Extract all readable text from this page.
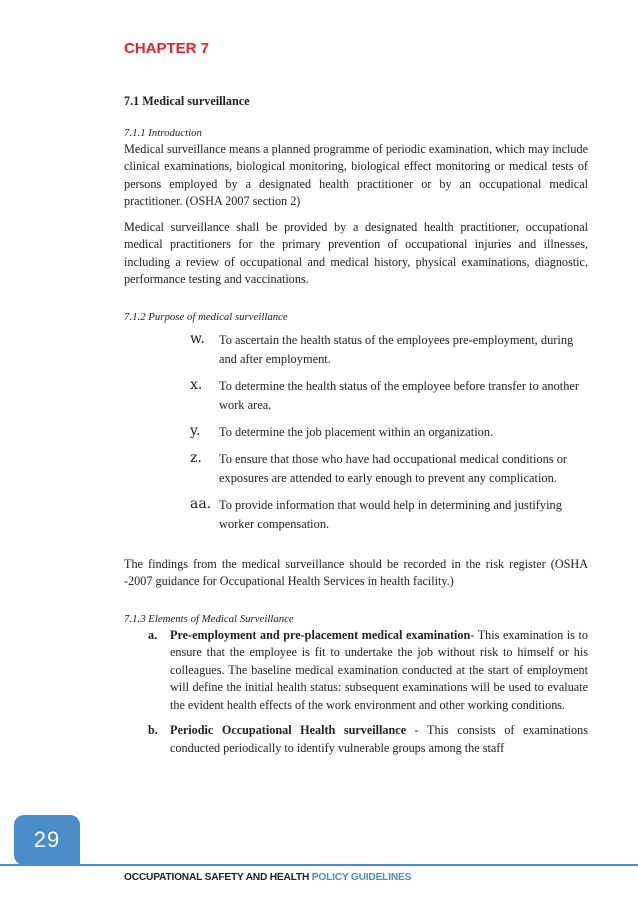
CHAPTER 7

7.1 Medical surveillance

7.1.1 Introduction

Medical surveillance means a planned programme of periodic examination, which may include clinical examinations, biological monitoring, biological effect monitoring or medical tests of persons employed by a designated health practitioner or by an occupational medical practitioner. (OSHA 2007 section 2)

Medical surveillance shall be provided by a designated health practitioner, occupational medical practitioners for the primary prevention of occupational injuries and illnesses, including a review of occupational and medical history, physical examinations, diagnostic, performance testing and vaccinations.

7.1.2 Purpose of medical surveillance

w.	To ascertain the health status of the employees pre-employment, during and after employment.
x.	To determine the health status of the employee before transfer to another work area.
y.	To determine the job placement within an organization.
z.	To ensure that those who have had occupational medical conditions or exposures are attended to early enough to prevent any complication.
aa. To provide information that would help in determining and justifying worker compensation.

The findings from the medical surveillance should be recorded in the risk register (OSHA -2007 guidance for Occupational Health Services in health facility.)

7.1.3 Elements of Medical Surveillance

a.	Pre-employment and pre-placement medical examination- This examination is to ensure that the employee is fit to undertake the job without risk to himself or his colleagues. The baseline medical examination conducted at the start of employment will define the initial health status: subsequent examinations will be used to evaluate the evident health effects of the work environment and other working conditions.
b. Periodic Occupational Health surveillance - This consists of examinations conducted periodically to identify vulnerable groups among the staff
29
OCCUPATIONAL SAFETY AND HEALTH POLICY GUIDELINES
